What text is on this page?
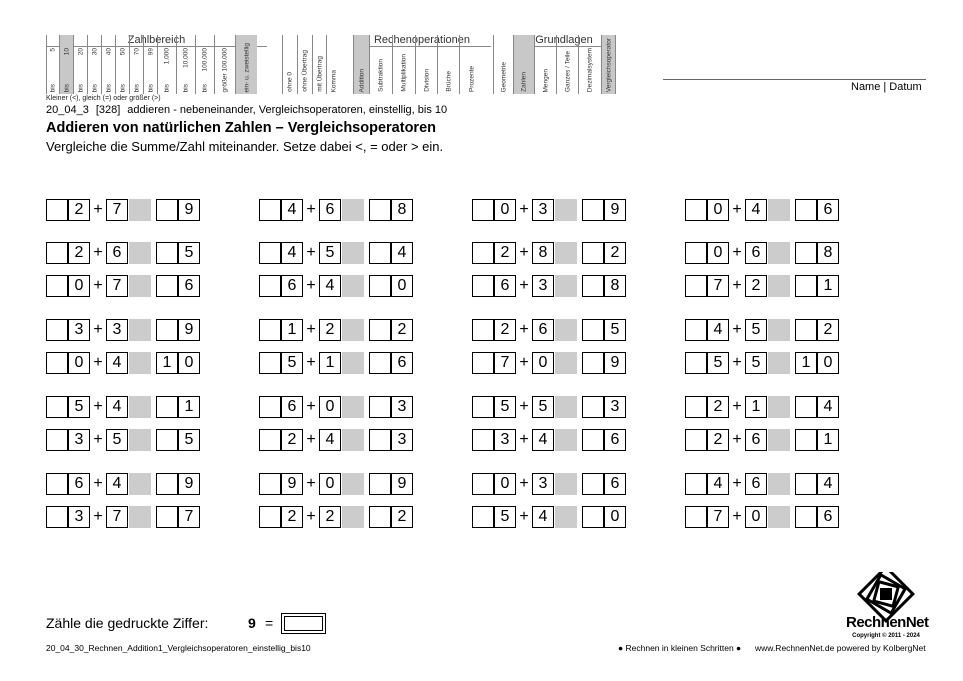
Zahlbereich	Rechenoperationen	Grundlagen
5
bis
10
bis
20
bis
30
bis
40
bis
50
bis
70
bis
99
bis
1.000
bis
10.000
bis
100.000
bis größer 100.000 ein- u. zweistellig	ohne 0 ohne Übertrag mit Übertrag Komma	Addition Subtraktion Multiplikation Division Brüche Prozente	Geometrie Zahlen Mengen Ganzes / Teile Dezimalsystem Vergleichsoperator
Kleiner (<), gleich (=) oder größer (>)
Name | Datum
20_04_3 [328] addieren - nebeneinander, Vergleichsoperatoren, einstellig, bis 10
Addieren von natürlichen Zahlen – Vergleichsoperatoren
Vergleiche die Summe/Zahl miteinander. Setze dabei <, = oder > ein.
2 + 7	9	4 + 6	8	0 + 3	9	0 + 4	6
2 + 6	5	4 + 5	4	2 + 8	2	0 + 6	8
0 + 7	6	6 + 4	0	6 + 3	8	7 + 2	1
3 + 3	9	1 + 2	2	2 + 6	5	4 + 5	2
0 + 4	1 0	5 + 1	6	7 + 0	9	5 + 5	1 0
5 + 4	1	6 + 0	3	5 + 5	3	2 + 1	4
3 + 5	5	2 + 4	3	3 + 4	6	2 + 6	1
6 + 4	9	9 + 0	9	0 + 3	6	4 + 6	4
3 + 7	7	2 + 2	2	5 + 4	0	7 + 0	6
Zähle die gedruckte Ziffer:	9 =
20_04_30_Rechnen_Addition1_Vergleichsoperatoren_einstellig_bis10	● Rechnen in kleinen Schritten ● www.RechnenNet.de powered by KolbergNet
RechnenNet
Copyright © 2011 - 2024
